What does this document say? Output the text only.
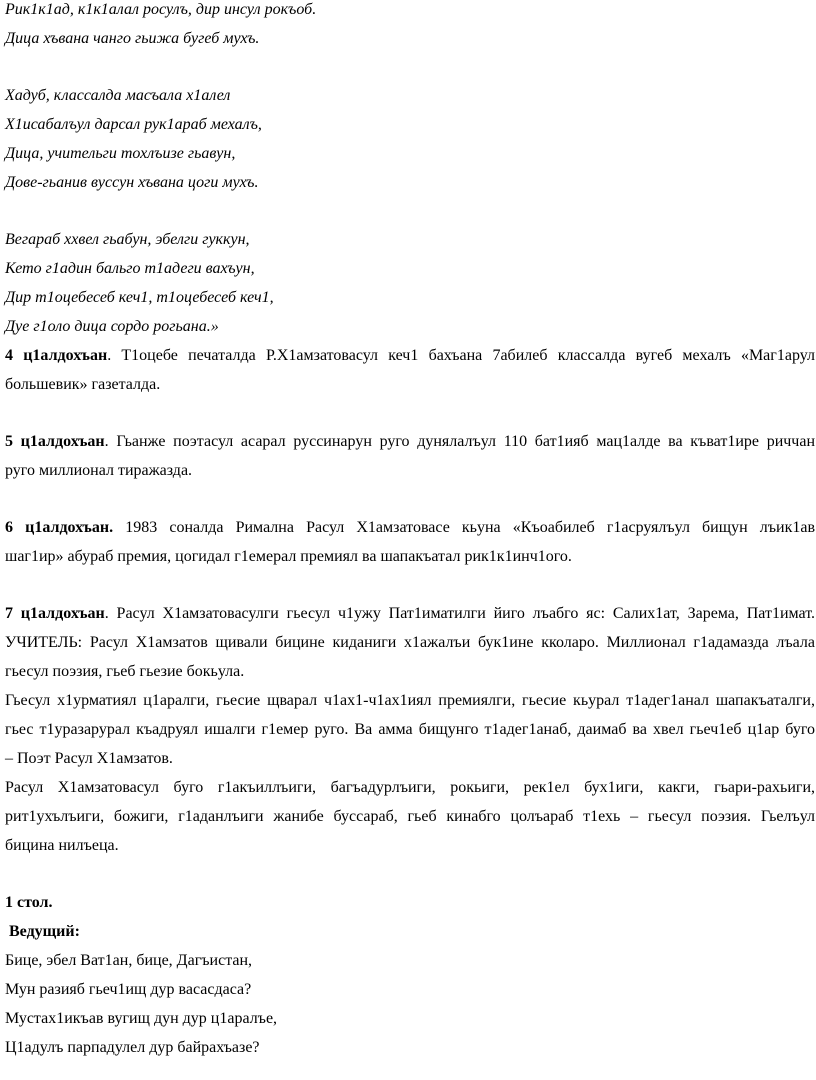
Рик1к1ад, к1к1алал росулъ, дир инсул рокъоб.
Дица хъвана чанго гьижа бугеб мухъ.
Хадуб, классалда масъала х1алел
Х1исабалъул дарсал рук1араб мехалъ,
Дица, учительги тохлъизе гьавун,
Дове-гьанив вуссун хъвана цоги мухъ.
Вегараб ххвел гьабун, эбелги гуккун,
Кето г1адин бальго т1адеги вахъун,
Дир т1оцебесеб кеч1, т1оцебесеб кеч1,
Дуе г1оло дица сордо рогьана.»
4 ц1алдохъан. Т1оцебе печаталда Р.Х1амзатовасул кеч1 бахъана 7абилеб классалда вугеб мехалъ «Маг1арул
большевик» газеталда.
5 ц1алдохъан. Гьанже поэтасул асарал руссинарун руго дунялалъул 110 бат1ияб мац1алде ва къват1ире риччан
руго миллионал тиражазда.
6 ц1алдохъан. 1983 соналда Римална Расул Х1амзатовасе кьуна «Къоабилеб г1асруялъул бищун лъик1ав
шаг1ир» абураб премия, цогидал г1емерал премиял ва шапакъатал рик1к1инч1ого.
7 ц1алдохъан. Расул Х1амзатовасулги гьесул ч1ужу Пат1иматилги йиго лъабго яс: Салих1ат, Зарема, Пат1имат.
УЧИТЕЛЬ: Расул Х1амзатов щивали бицине киданиги х1ажалъи бук1ине кколаро. Миллионал г1адамазда лъала
гьесул поэзия, гьеб гьезие бокьула.
Гьесул х1урматиял ц1аралги, гьесие щварал ч1ах1-ч1ах1иял премиялги, гьесие кьурал т1адег1анал шапакъаталги,
гьес т1уразарурал къадруял ишалги г1емер руго. Ва амма бищунго т1адег1анаб, даимаб ва хвел гьеч1еб ц1ар буго
– Поэт Расул Х1амзатов.
Расул Х1амзатовасул буго г1акъиллъиги, багъадурлъиги, рокьиги, рек1ел бух1иги, какги, гьари-рахьиги,
рит1ухълъиги, божиги, г1аданлъиги жанибе буссараб, гьеб кинабго цолъараб т1ехь – гьесул поэзия. Гьелъул
бицина нилъеца.
1 стол.
Ведущий:
Бице, эбел Ват1ан, бице, Дагъистан,
Мун разияб гьеч1ищ дур васасдаса?
Мустах1икъав вугищ дун дур ц1аралъе,
Ц1адулъ парпадулел дур байрахъазе?
